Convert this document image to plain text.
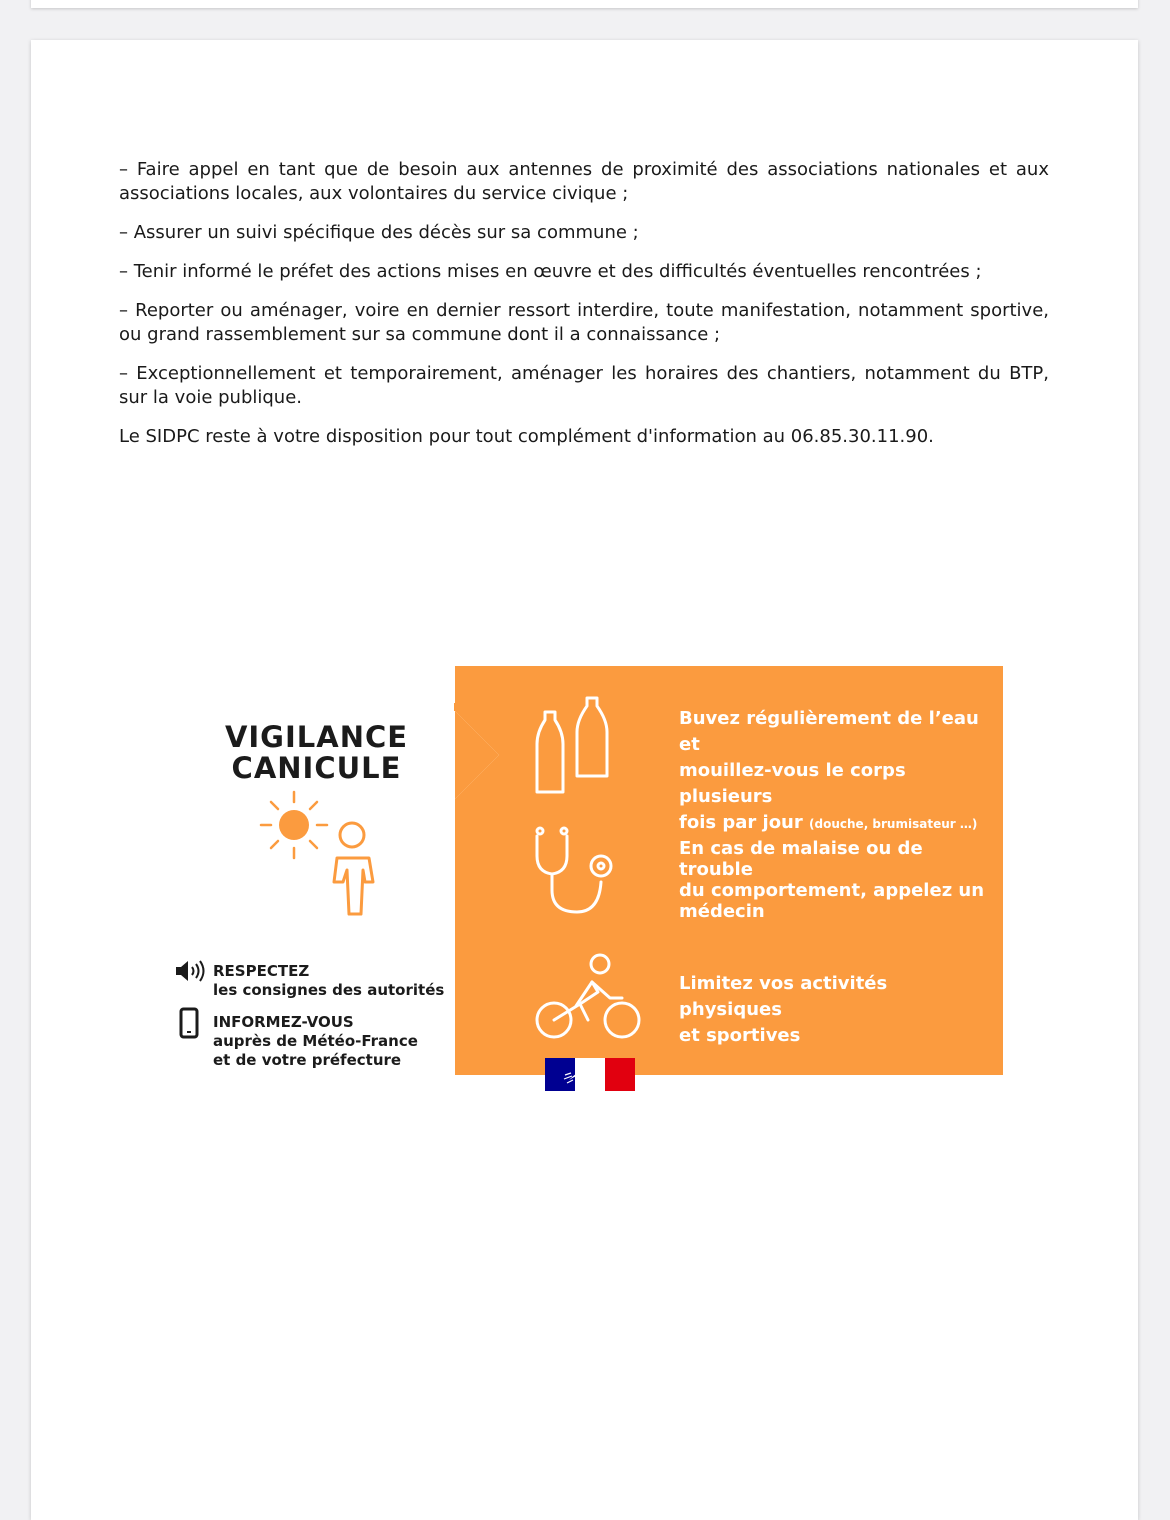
– Faire appel en tant que de besoin aux antennes de proximité des associations nationales et aux associations locales, aux volontaires du service civique ;

– Assurer un suivi spécifique des décès sur sa commune ;

– Tenir informé le préfet des actions mises en œuvre et des difficultés éventuelles rencontrées ;

– Reporter ou aménager, voire en dernier ressort interdire, toute manifestation, notamment sportive, ou grand rassemblement sur sa commune dont il a connaissance ;

– Exceptionnellement et temporairement, aménager les horaires des chantiers, notamment du BTP, sur la voie publique.

Le SIDPC reste à votre disposition pour tout complément d'information au 06.85.30.11.90.

VIGILANCE
CANICULE
RESPECTEZ
les consignes des autorités
INFORMEZ-VOUS
auprès de Météo-France
et de votre préfecture
Buvez régulièrement de l’eau et
mouillez-vous le corps plusieurs
fois par jour (douche, brumisateur …)
En cas de malaise ou de trouble
du comportement, appelez un
médecin
Limitez vos activités physiques
et sportives
